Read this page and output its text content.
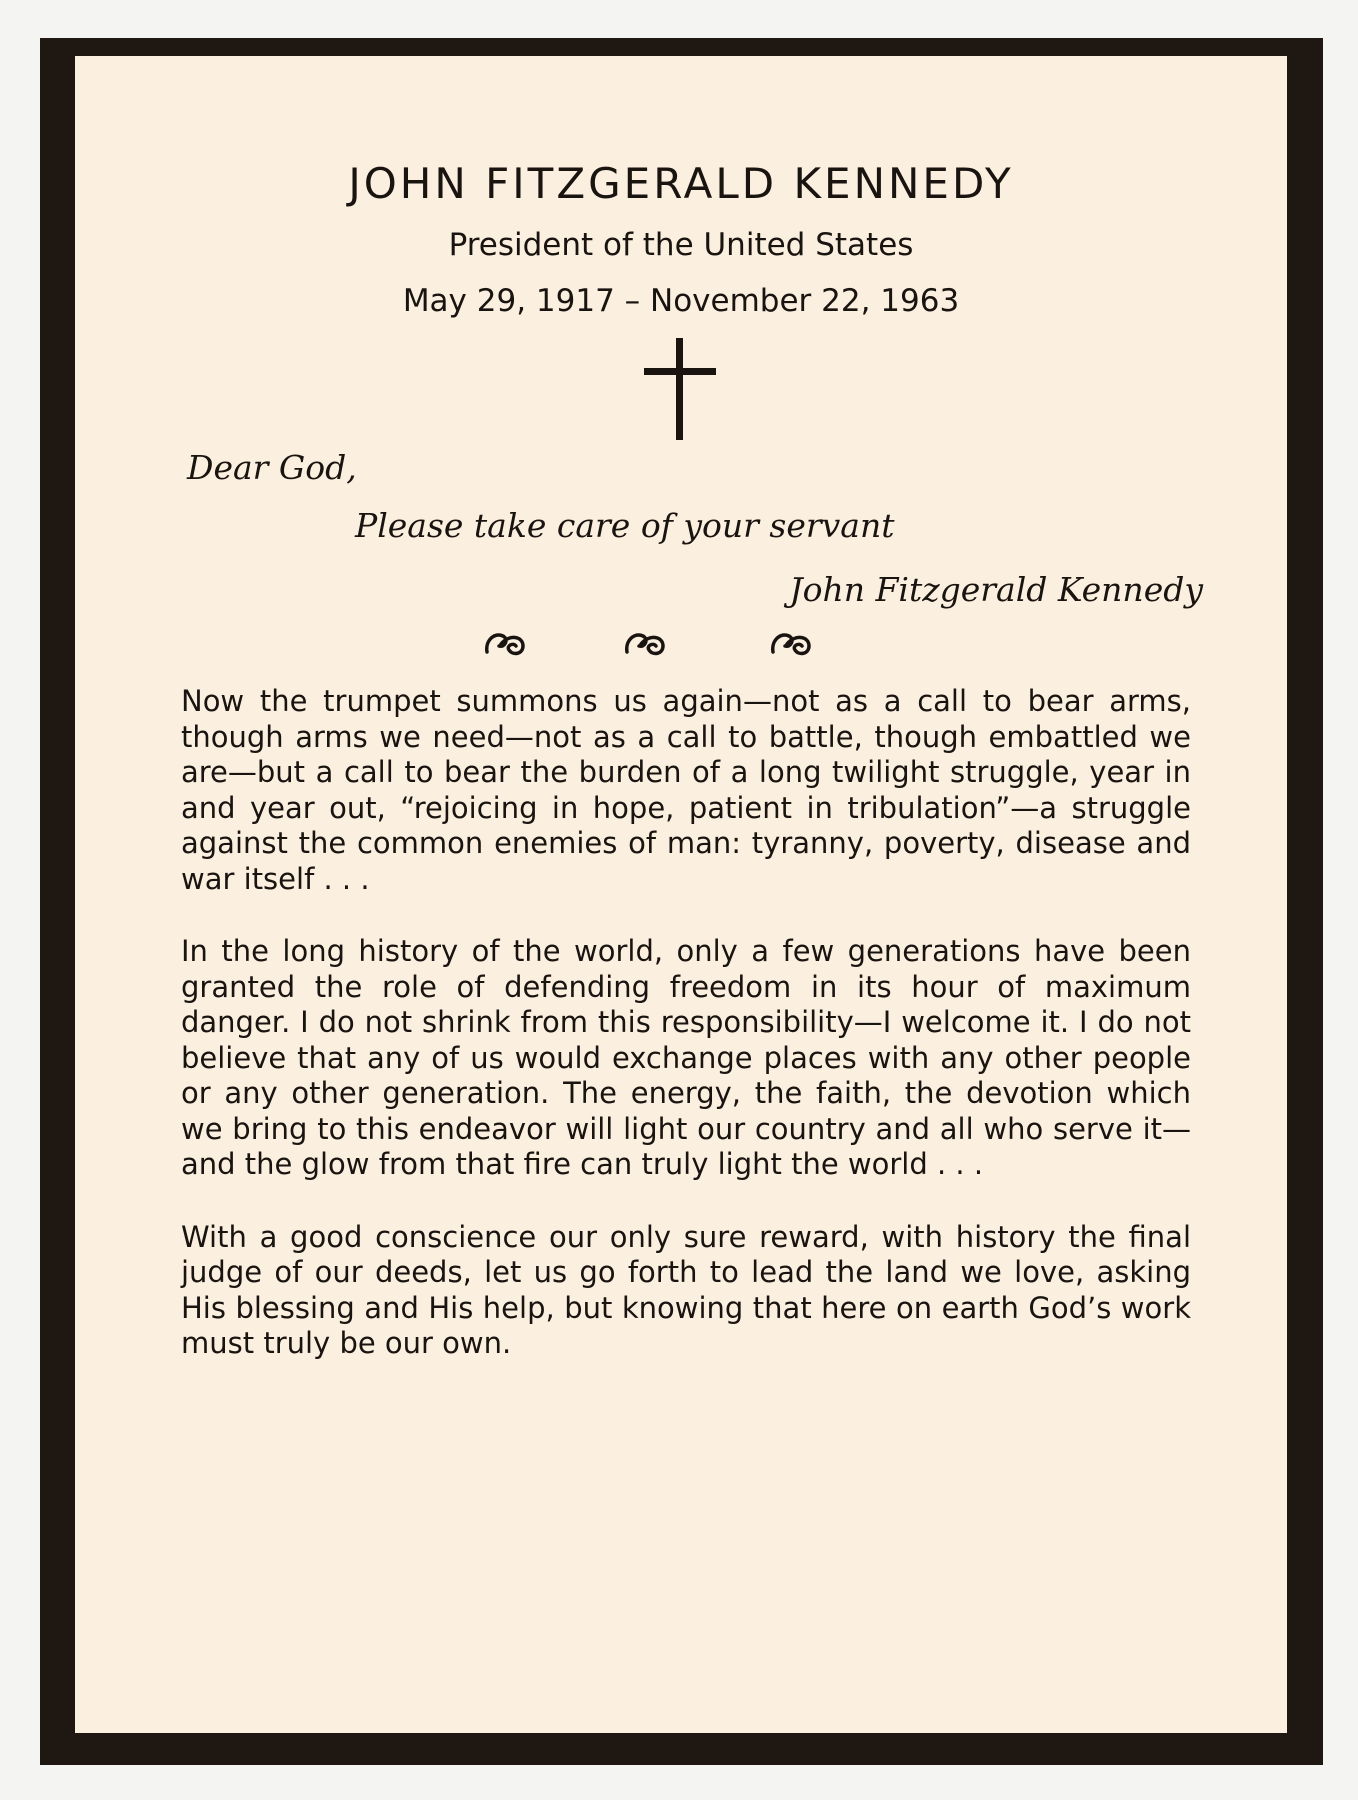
JOHN FITZGERALD KENNEDY
President of the United States
May 29, 1917 – November 22, 1963
Dear God,
Please take care of your servant
John Fitzgerald Kennedy

Now the trumpet summons us again—not as a call to bear arms, though arms we need—not as a call to battle, though embattled we are—but a call to bear the burden of a long twilight struggle, year in and year out, “rejoicing in hope, patient in tribulation”—a struggle against the common enemies of man: tyranny, poverty, disease and war itself . . .

In the long history of the world, only a few generations have been granted the role of defending freedom in its hour of maximum danger. I do not shrink from this responsibility—I welcome it. I do not believe that any of us would exchange places with any other people or any other generation. The energy, the faith, the devotion which we bring to this endeavor will light our country and all who serve it—and the glow from that fire can truly light the world . . .

With a good conscience our only sure reward, with history the final judge of our deeds, let us go forth to lead the land we love, asking His blessing and His help, but knowing that here on earth God’s work must truly be our own.
